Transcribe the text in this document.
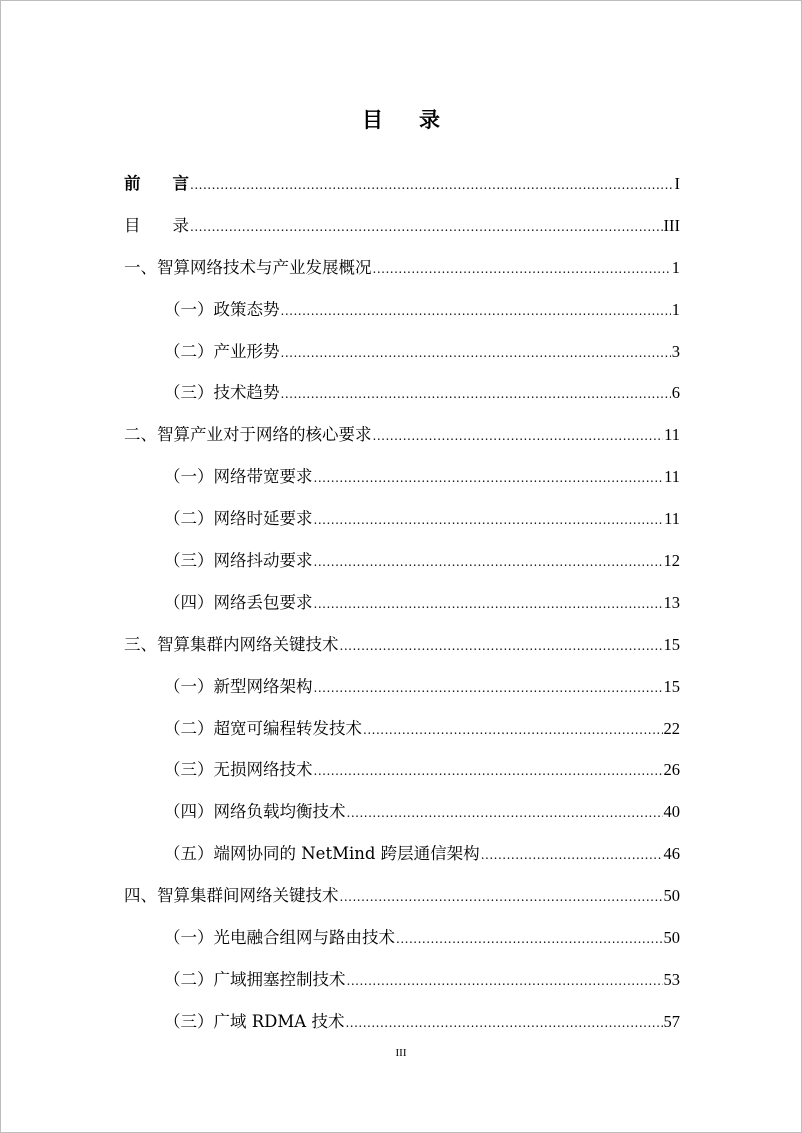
目 录
前 言 .....	I
目 录 .....	III
一、智算网络技术与产业发展概况 .....	1
（一）政策态势 .....	1
（二）产业形势 .....	3
（三）技术趋势 .....	6
二、智算产业对于网络的核心要求 .....	11
（一）网络带宽要求 .....	11
（二）网络时延要求 .....	11
（三）网络抖动要求 .....	12
（四）网络丢包要求 .....	13
三、智算集群内网络关键技术 .....	15
（一）新型网络架构 .....	15
（二）超宽可编程转发技术 .....	22
（三）无损网络技术 .....	26
（四）网络负载均衡技术 .....	40
（五）端网协同的 NetMind 跨层通信架构 .....	46
四、智算集群间网络关键技术 .....	50
（一）光电融合组网与路由技术 .....	50
（二）广域拥塞控制技术 .....	53
（三）广域 RDMA 技术 .....	57
III
